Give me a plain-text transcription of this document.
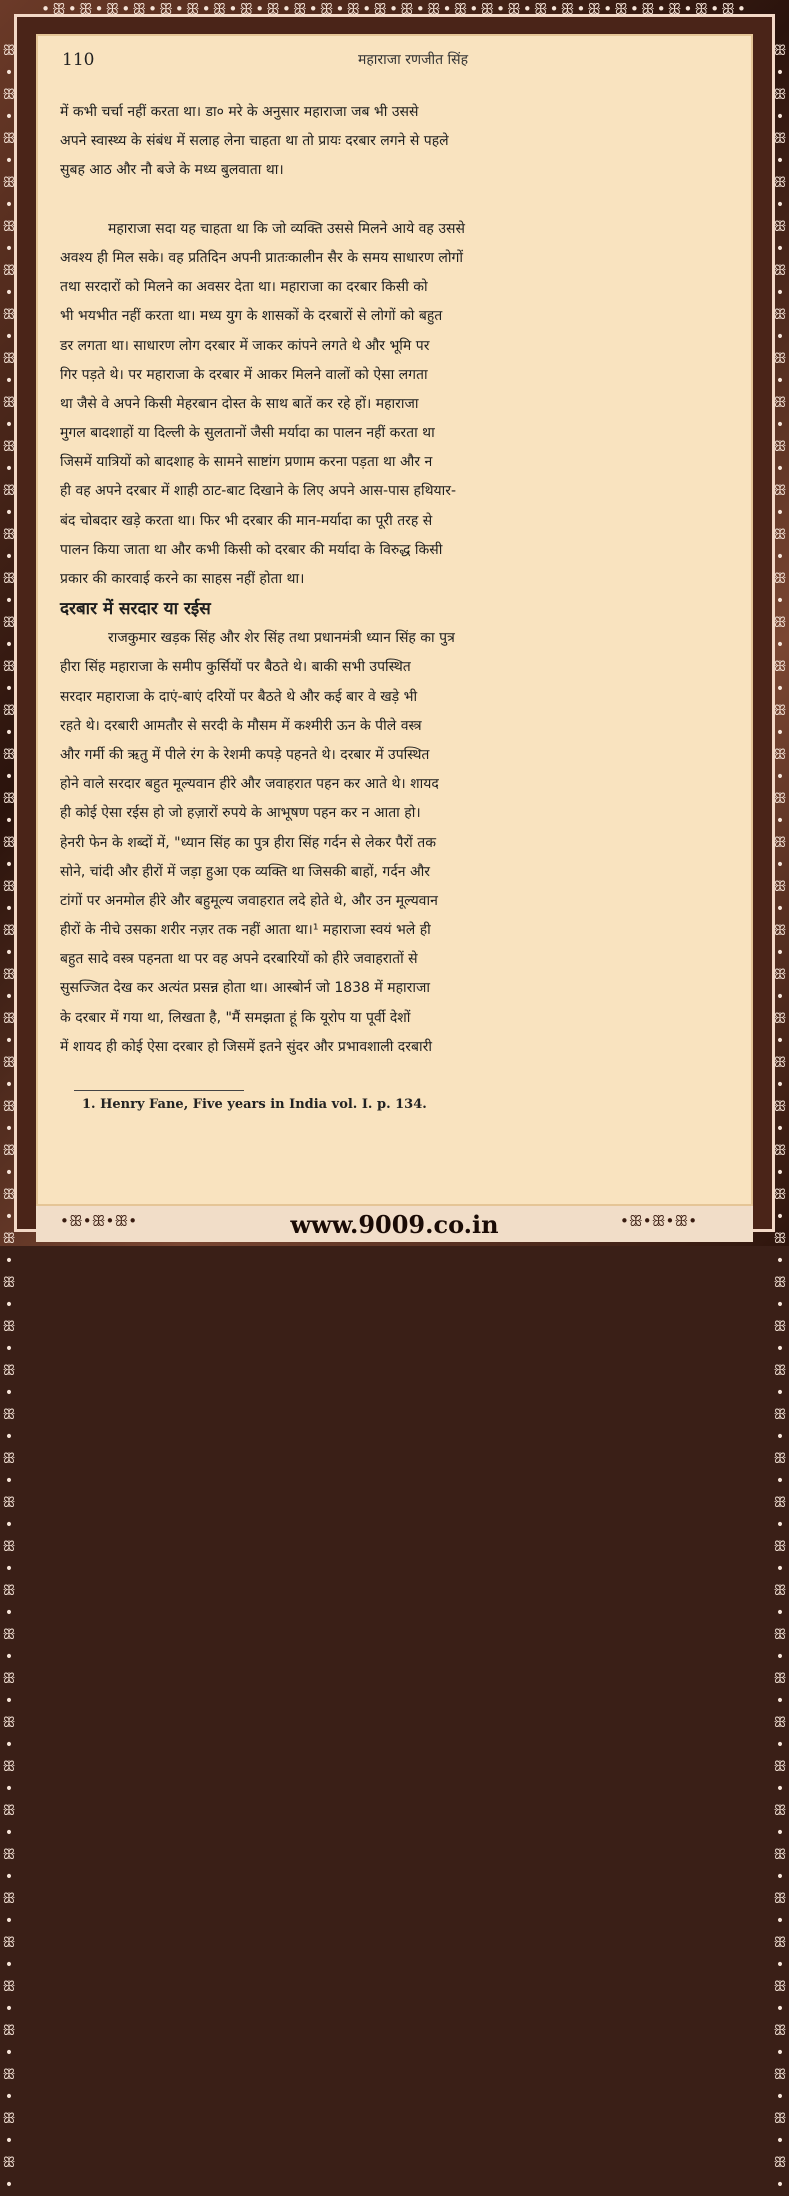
•ꕥ•ꕥ•ꕥ•ꕥ•ꕥ•ꕥ•ꕥ•ꕥ•ꕥ•ꕥ•ꕥ•ꕥ•ꕥ•ꕥ•ꕥ•ꕥ•ꕥ•ꕥ•ꕥ•ꕥ•ꕥ•ꕥ•ꕥ•ꕥ•ꕥ•ꕥ•
ꕥ•ꕥ•ꕥ•ꕥ•ꕥ•ꕥ•ꕥ•ꕥ•ꕥ•ꕥ•ꕥ•ꕥ•ꕥ•ꕥ•ꕥ•ꕥ•ꕥ•ꕥ•ꕥ•ꕥ•ꕥ•ꕥ•ꕥ•ꕥ•ꕥ•ꕥ•ꕥ•ꕥ•ꕥ•ꕥ•ꕥ•ꕥ•ꕥ•ꕥ•ꕥ•ꕥ•ꕥ•ꕥ•ꕥ•ꕥ•ꕥ•ꕥ•ꕥ•ꕥ•ꕥ•ꕥ•ꕥ•ꕥ•ꕥ•
ꕥ•ꕥ•ꕥ•ꕥ•ꕥ•ꕥ•ꕥ•ꕥ•ꕥ•ꕥ•ꕥ•ꕥ•ꕥ•ꕥ•ꕥ•ꕥ•ꕥ•ꕥ•ꕥ•ꕥ•ꕥ•ꕥ•ꕥ•ꕥ•ꕥ•ꕥ•ꕥ•ꕥ•ꕥ•ꕥ•ꕥ•ꕥ•ꕥ•ꕥ•ꕥ•ꕥ•ꕥ•ꕥ•ꕥ•ꕥ•ꕥ•ꕥ•ꕥ•ꕥ•ꕥ•ꕥ•ꕥ•ꕥ•ꕥ•
110	महाराजा रणजीत सिंह
में कभी चर्चा नहीं करता था। डा० मरे के अनुसार महाराजा जब भी उससे
अपने स्वास्थ्य के संबंध में सलाह लेना चाहता था तो प्रायः दरबार लगने से पहले
सुबह आठ और नौ बजे के मध्य बुलवाता था।
महाराजा सदा यह चाहता था कि जो व्यक्ति उससे मिलने आये वह उससे
अवश्य ही मिल सके। वह प्रतिदिन अपनी प्रातःकालीन सैर के समय साधारण लोगों
तथा सरदारों को मिलने का अवसर देता था। महाराजा का दरबार किसी को
भी भयभीत नहीं करता था। मध्य युग के शासकों के दरबारों से लोगों को बहुत
डर लगता था। साधारण लोग दरबार में जाकर कांपने लगते थे और भूमि पर
गिर पड़ते थे। पर महाराजा के दरबार में आकर मिलने वालों को ऐसा लगता
था जैसे वे अपने किसी मेहरबान दोस्त के साथ बातें कर रहे हों। महाराजा
मुगल बादशाहों या दिल्ली के सुलतानों जैसी मर्यादा का पालन नहीं करता था
जिसमें यात्रियों को बादशाह के सामने साष्टांग प्रणाम करना पड़ता था और न
ही वह अपने दरबार में शाही ठाट-बाट दिखाने के लिए अपने आस-पास हथियार-
बंद चोबदार खड़े करता था। फिर भी दरबार की मान-मर्यादा का पूरी तरह से
पालन किया जाता था और कभी किसी को दरबार की मर्यादा के विरुद्ध किसी
प्रकार की कारवाई करने का साहस नहीं होता था।
दरबार में सरदार या रईस
राजकुमार खड़क सिंह और शेर सिंह तथा प्रधानमंत्री ध्यान सिंह का पुत्र
हीरा सिंह महाराजा के समीप कुर्सियों पर बैठते थे। बाकी सभी उपस्थित
सरदार महाराजा के दाएं-बाएं दरियों पर बैठते थे और कई बार वे खड़े भी
रहते थे। दरबारी आमतौर से सरदी के मौसम में कश्मीरी ऊन के पीले वस्त्र
और गर्मी की ऋतु में पीले रंग के रेशमी कपड़े पहनते थे। दरबार में उपस्थित
होने वाले सरदार बहुत मूल्यवान हीरे और जवाहरात पहन कर आते थे। शायद
ही कोई ऐसा रईस हो जो हज़ारों रुपये के आभूषण पहन कर न आता हो।
हेनरी फेन के शब्दों में, "ध्यान सिंह का पुत्र हीरा सिंह गर्दन से लेकर पैरों तक
सोने, चांदी और हीरों में जड़ा हुआ एक व्यक्ति था जिसकी बाहों, गर्दन और
टांगों पर अनमोल हीरे और बहुमूल्य जवाहरात लदे होते थे, और उन मूल्यवान
हीरों के नीचे उसका शरीर नज़र तक नहीं आता था।¹ महाराजा स्वयं भले ही
बहुत सादे वस्त्र पहनता था पर वह अपने दरबारियों को हीरे जवाहरातों से
सुसज्जित देख कर अत्यंत प्रसन्न होता था। आस्बोर्न जो 1838 में महाराजा
के दरबार में गया था, लिखता है, "मैं समझता हूं कि यूरोप या पूर्वी देशों
में शायद ही कोई ऐसा दरबार हो जिसमें इतने सुंदर और प्रभावशाली दरबारी
1. Henry Fane, Five years in India vol. I. p. 134.
•ꕥ•ꕥ•ꕥ•	www.9009.co.in	•ꕥ•ꕥ•ꕥ•
